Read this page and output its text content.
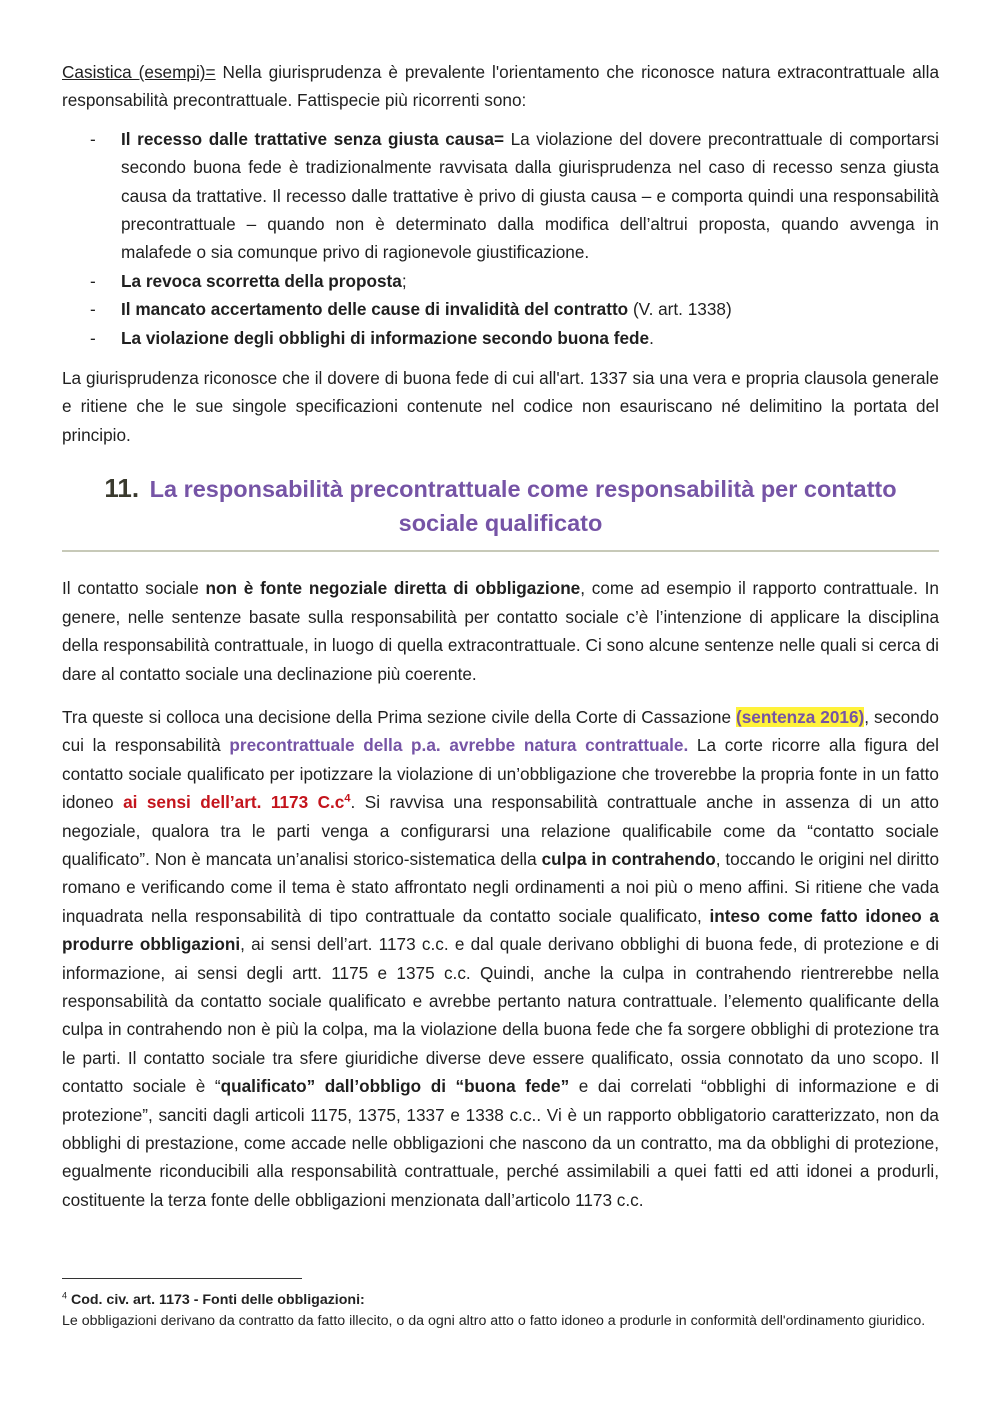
Casistica (esempi)= Nella giurisprudenza è prevalente l'orientamento che riconosce natura extracontrattuale alla responsabilità precontrattuale. Fattispecie più ricorrenti sono:

- Il recesso dalle trattative senza giusta causa= La violazione del dovere precontrattuale di comportarsi secondo buona fede è tradizionalmente ravvisata dalla giurisprudenza nel caso di recesso senza giusta causa da trattative. Il recesso dalle trattative è privo di giusta causa – e comporta quindi una responsabilità precontrattuale – quando non è determinato dalla modifica dell’altrui proposta, quando avvenga in malafede o sia comunque privo di ragionevole giustificazione.
- La revoca scorretta della proposta;
- Il mancato accertamento delle cause di invalidità del contratto (V. art. 1338)
- La violazione degli obblighi di informazione secondo buona fede.

La giurisprudenza riconosce che il dovere di buona fede di cui all'art. 1337 sia una vera e propria clausola generale e ritiene che le sue singole specificazioni contenute nel codice non esauriscano né delimitino la portata del principio.

11. La responsabilità precontrattuale come responsabilità per contatto sociale qualificato

Il contatto sociale non è fonte negoziale diretta di obbligazione, come ad esempio il rapporto contrattuale. In genere, nelle sentenze basate sulla responsabilità per contatto sociale c’è l’intenzione di applicare la disciplina della responsabilità contrattuale, in luogo di quella extracontrattuale. Ci sono alcune sentenze nelle quali si cerca di dare al contatto sociale una declinazione più coerente.

Tra queste si colloca una decisione della Prima sezione civile della Corte di Cassazione (sentenza 2016), secondo cui la responsabilità precontrattuale della p.a. avrebbe natura contrattuale. La corte ricorre alla figura del contatto sociale qualificato per ipotizzare la violazione di un’obbligazione che troverebbe la propria fonte in un fatto idoneo ai sensi dell’art. 1173 $C.c^4$. Si ravvisa una responsabilità contrattuale anche in assenza di un atto negoziale, qualora tra le parti venga a configurarsi una relazione qualificabile come da “contatto sociale qualificato”. Non è mancata un’analisi storico-sistematica della culpa in contrahendo, toccando le origini nel diritto romano e verificando come il tema è stato affrontato negli ordinamenti a noi più o meno affini. Si ritiene che vada inquadrata nella responsabilità di tipo contrattuale da contatto sociale qualificato, inteso come fatto idoneo a produrre obbligazioni, ai sensi dell’art. 1173 c.c. e dal quale derivano obblighi di buona fede, di protezione e di informazione, ai sensi degli artt. 1175 e 1375 c.c. Quindi, anche la culpa in contrahendo rientrerebbe nella responsabilità da contatto sociale qualificato e avrebbe pertanto natura contrattuale. l’elemento qualificante della culpa in contrahendo non è più la colpa, ma la violazione della buona fede che fa sorgere obblighi di protezione tra le parti. Il contatto sociale tra sfere giuridiche diverse deve essere qualificato, ossia connotato da uno scopo. Il contatto sociale è “qualificato” dall’obbligo di “buona fede” e dai correlati “obblighi di informazione e di protezione”, sanciti dagli articoli 1175, 1375, 1337 e 1338 c.c.. Vi è un rapporto obbligatorio caratterizzato, non da obblighi di prestazione, come accade nelle obbligazioni che nascono da un contratto, ma da obblighi di protezione, egualmente riconducibili alla responsabilità contrattuale, perché assimilabili a quei fatti ed atti idonei a produrli, costituente la terza fonte delle obbligazioni menzionata dall’articolo 1173 c.c.

$^4$ Cod. civ. art. 1173 - Fonti delle obbligazioni:
Le obbligazioni derivano da contratto da fatto illecito, o da ogni altro atto o fatto idoneo a produrle in conformità dell'ordinamento giuridico.
